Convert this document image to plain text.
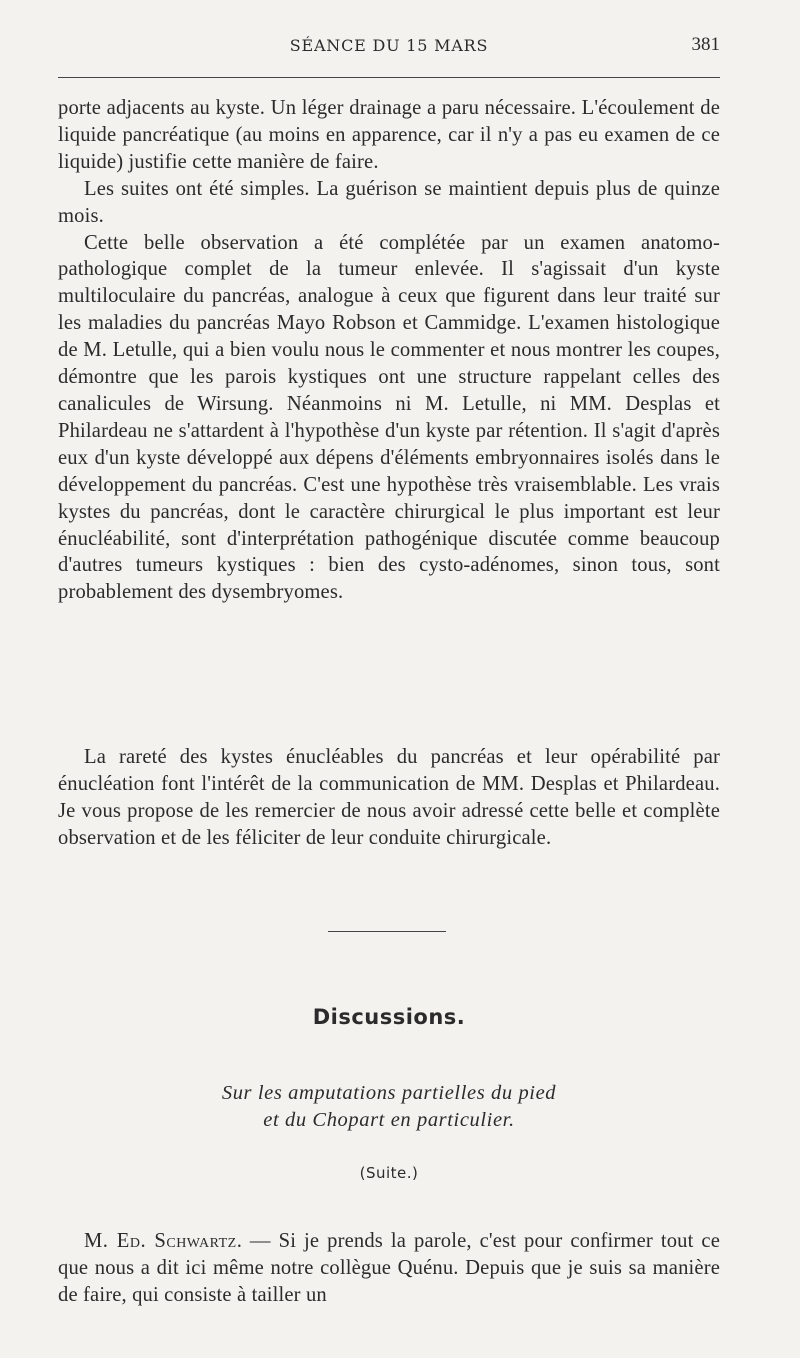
SÉANCE DU 15 MARS	381

porte adjacents au kyste. Un léger drainage a paru nécessaire. L'écoulement de liquide pancréatique (au moins en apparence, car il n'y a pas eu examen de ce liquide) justifie cette manière de faire.

Les suites ont été simples. La guérison se maintient depuis plus de quinze mois.

Cette belle observation a été complétée par un examen anatomo-pathologique complet de la tumeur enlevée. Il s'agissait d'un kyste multiloculaire du pancréas, analogue à ceux que figurent dans leur traité sur les maladies du pancréas Mayo Robson et Cammidge. L'examen histologique de M. Letulle, qui a bien voulu nous le commenter et nous montrer les coupes, démontre que les parois kystiques ont une structure rappelant celles des canalicules de Wirsung. Néanmoins ni M. Letulle, ni MM. Desplas et Philardeau ne s'attardent à l'hypothèse d'un kyste par rétention. Il s'agit d'après eux d'un kyste développé aux dépens d'éléments embryonnaires isolés dans le développement du pancréas. C'est une hypothèse très vraisemblable. Les vrais kystes du pancréas, dont le caractère chirurgical le plus important est leur énucléabilité, sont d'interprétation pathogénique discutée comme beaucoup d'autres tumeurs kystiques : bien des cysto-adénomes, sinon tous, sont probablement des dysembryomes.

La rareté des kystes énucléables du pancréas et leur opérabilité par énucléation font l'intérêt de la communication de MM. Desplas et Philardeau. Je vous propose de les remercier de nous avoir adressé cette belle et complète observation et de les féliciter de leur conduite chirurgicale.

Discussions.
Sur les amputations partielles du pied
et du Chopart en particulier.
(Suite.)

M. Ed. Schwartz. — Si je prends la parole, c'est pour confirmer tout ce que nous a dit ici même notre collègue Quénu. Depuis que je suis sa manière de faire, qui consiste à tailler un
